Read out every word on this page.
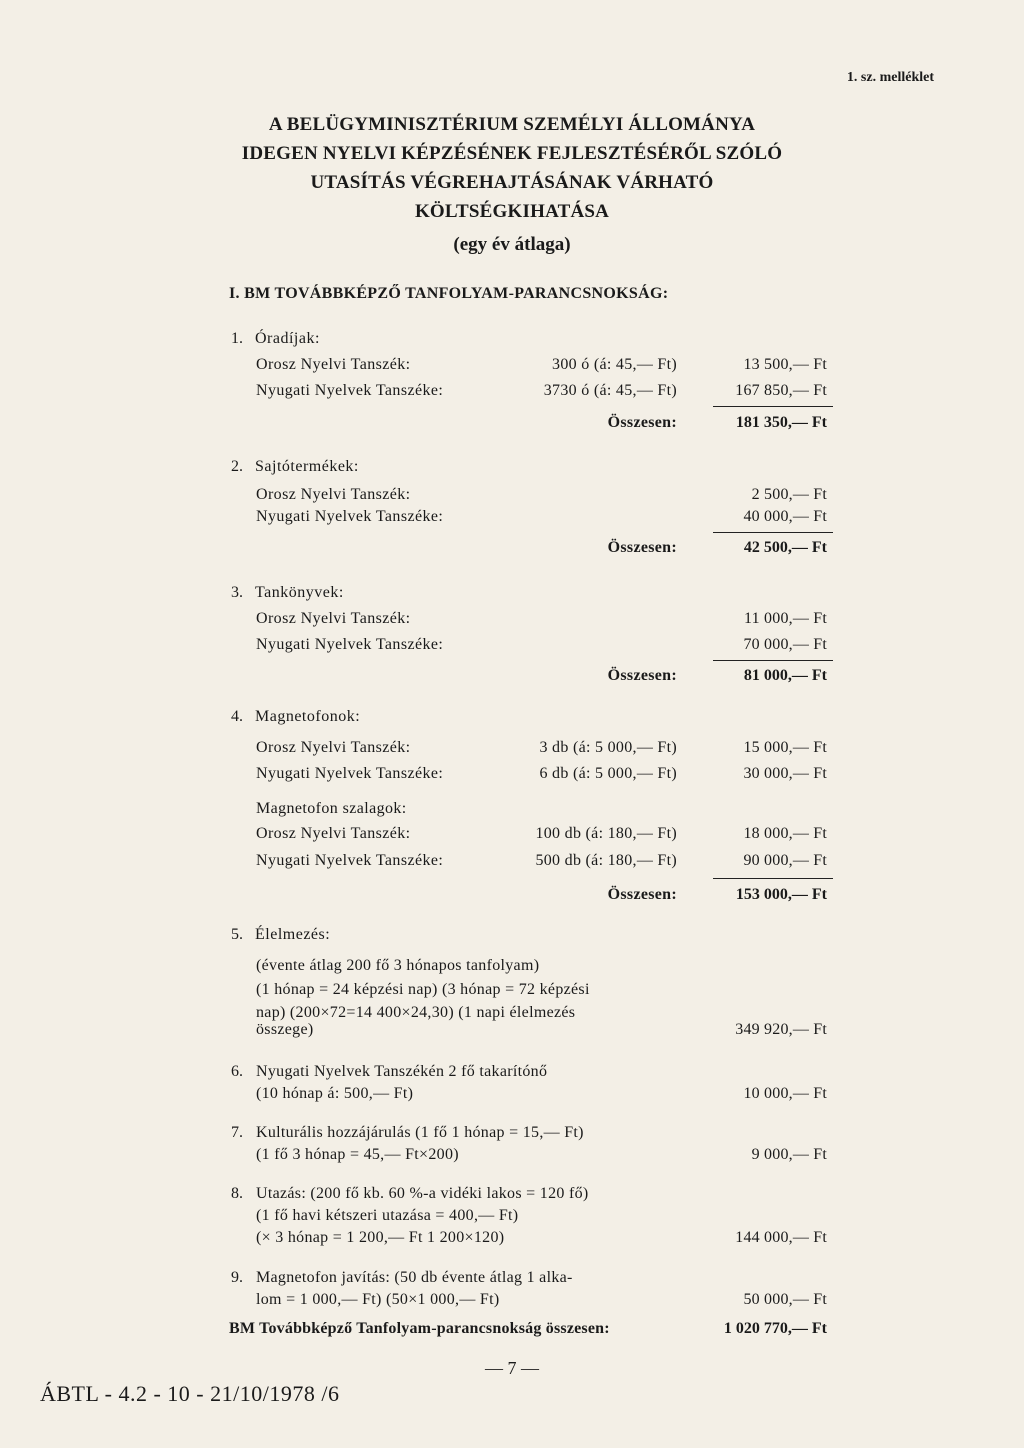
1. sz. melléklet
A BELÜGYMINISZTÉRIUM SZEMÉLYI ÁLLOMÁNYA
IDEGEN NYELVI KÉPZÉSÉNEK FEJLESZTÉSÉRŐL SZÓLÓ
UTASÍTÁS VÉGREHAJTÁSÁNAK VÁRHATÓ
KÖLTSÉGKIHATÁSA
(egy év átlaga)
I. BM TOVÁBBKÉPZŐ TANFOLYAM-PARANCSNOKSÁG:
1. Óradíjak:
Orosz Nyelvi Tanszék:	300 ó (á: 45,— Ft)	13 500,— Ft
Nyugati Nyelvek Tanszéke:	3730 ó (á: 45,— Ft)	167 850,— Ft
Összesen:	181 350,— Ft
2. Sajtótermékek:
Orosz Nyelvi Tanszék:	2 500,— Ft
Nyugati Nyelvek Tanszéke:	40 000,— Ft
Összesen:	42 500,— Ft
3. Tankönyvek:
Orosz Nyelvi Tanszék:	11 000,— Ft
Nyugati Nyelvek Tanszéke:	70 000,— Ft
Összesen:	81 000,— Ft
4. Magnetofonok:
Orosz Nyelvi Tanszék:	3 db (á: 5 000,— Ft)	15 000,— Ft
Nyugati Nyelvek Tanszéke:	6 db (á: 5 000,— Ft)	30 000,— Ft
Magnetofon szalagok:
Orosz Nyelvi Tanszék:	100 db (á: 180,— Ft)	18 000,— Ft
Nyugati Nyelvek Tanszéke:	500 db (á: 180,— Ft)	90 000,— Ft
Összesen:	153 000,— Ft
5. Élelmezés:
(évente átlag 200 fő 3 hónapos tanfolyam)
(1 hónap = 24 képzési nap) (3 hónap = 72 képzési
nap) (200×72=14 400×24,30) (1 napi élelmezés
összege)	349 920,— Ft
6. Nyugati Nyelvek Tanszékén 2 fő takarítónő
(10 hónap á: 500,— Ft)	10 000,— Ft
7. Kulturális hozzájárulás (1 fő 1 hónap = 15,— Ft)
(1 fő 3 hónap = 45,— Ft×200)	9 000,— Ft
8. Utazás: (200 fő kb. 60 %-a vidéki lakos = 120 fő)
(1 fő havi kétszeri utazása = 400,— Ft)
(× 3 hónap = 1 200,— Ft 1 200×120)	144 000,— Ft
9. Magnetofon javítás: (50 db évente átlag 1 alka-
lom = 1 000,— Ft) (50×1 000,— Ft)	50 000,— Ft
BM Továbbképző Tanfolyam-parancsnokság összesen:	1 020 770,— Ft
— 7 —
ÁBTL - 4.2 - 10 - 21/10/1978 /6
